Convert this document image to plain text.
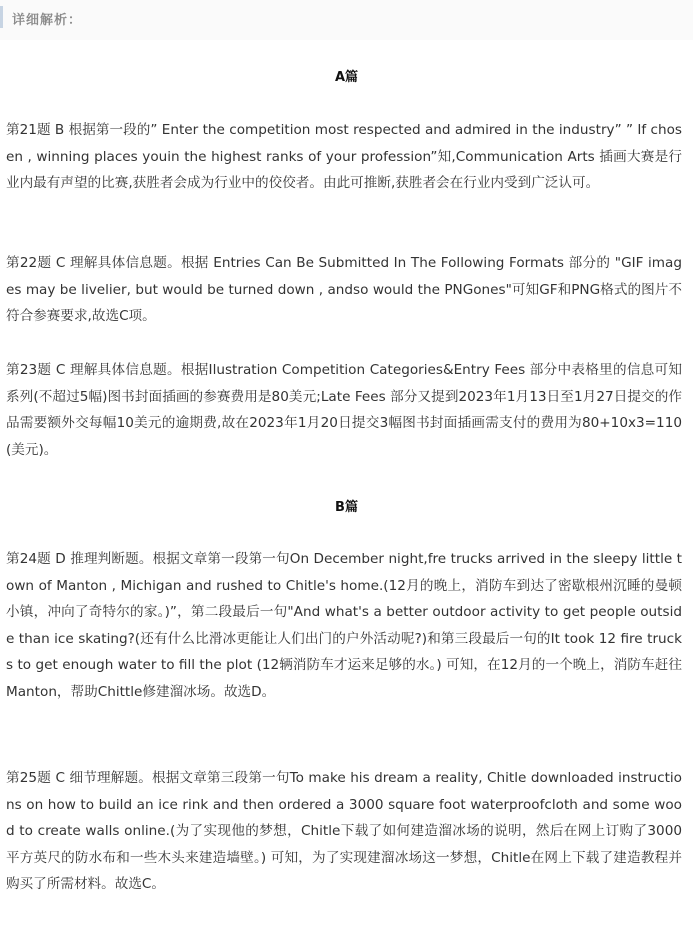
详细解析：
A篇

第21题 B 根据第一段的” Enter the competition most respected and admired in the industry” ” If chosen , winning places youin the highest ranks of your profession”知,Communication Arts 插画大赛是行业内最有声望的比赛,获胜者会成为行业中的佼佼者。由此可推断,获胜者会在行业内受到广泛认可。

第22题 C 理解具体信息题。根据 Entries Can Be Submitted In The Following Formats 部分的 "GIF images may be livelier, but would be turned down , andso would the PNGones"可知GF和PNG格式的图片不符合参赛要求,故选C项。

第23题 C 理解具体信息题。根据Ilustration Competition Categories&Entry Fees 部分中表格里的信息可知系列(不超过5幅)图书封面插画的参赛费用是80美元;Late Fees 部分又提到2023年1月13日至1月27日提交的作品需要额外交每幅10美元的逾期费,故在2023年1月20日提交3幅图书封面插画需支付的费用为80+10x3=110(美元)。

B篇

第24题 D 推理判断题。根据文章第一段第一句On December night,fre trucks arrived in the sleepy little town of Manton , Michigan and rushed to Chitle's home.(12月的晚上，消防车到达了密歇根州沉睡的曼顿小镇，冲向了奇特尔的家。)”，第二段最后一句"And what's a better outdoor activity to get people outside than ice skating?(还有什么比滑冰更能让人们出门的户外活动呢?)和第三段最后一句的It took 12 fire trucks to get enough water to fill the plot (12辆消防车才运来足够的水。) 可知，在12月的一个晚上，消防车赶往Manton，帮助Chittle修建溜冰场。故选D。

第25题 C 细节理解题。根据文章第三段第一句To make his dream a reality, Chitle downloaded instructions on how to build an ice rink and then ordered a 3000 square foot waterproofcloth and some wood to create walls online.(为了实现他的梦想，Chitle下载了如何建造溜冰场的说明，然后在网上订购了3000平方英尺的防水布和一些木头来建造墙壁。) 可知，为了实现建溜冰场这一梦想，Chitle在网上下载了建造教程并购买了所需材料。故选C。
